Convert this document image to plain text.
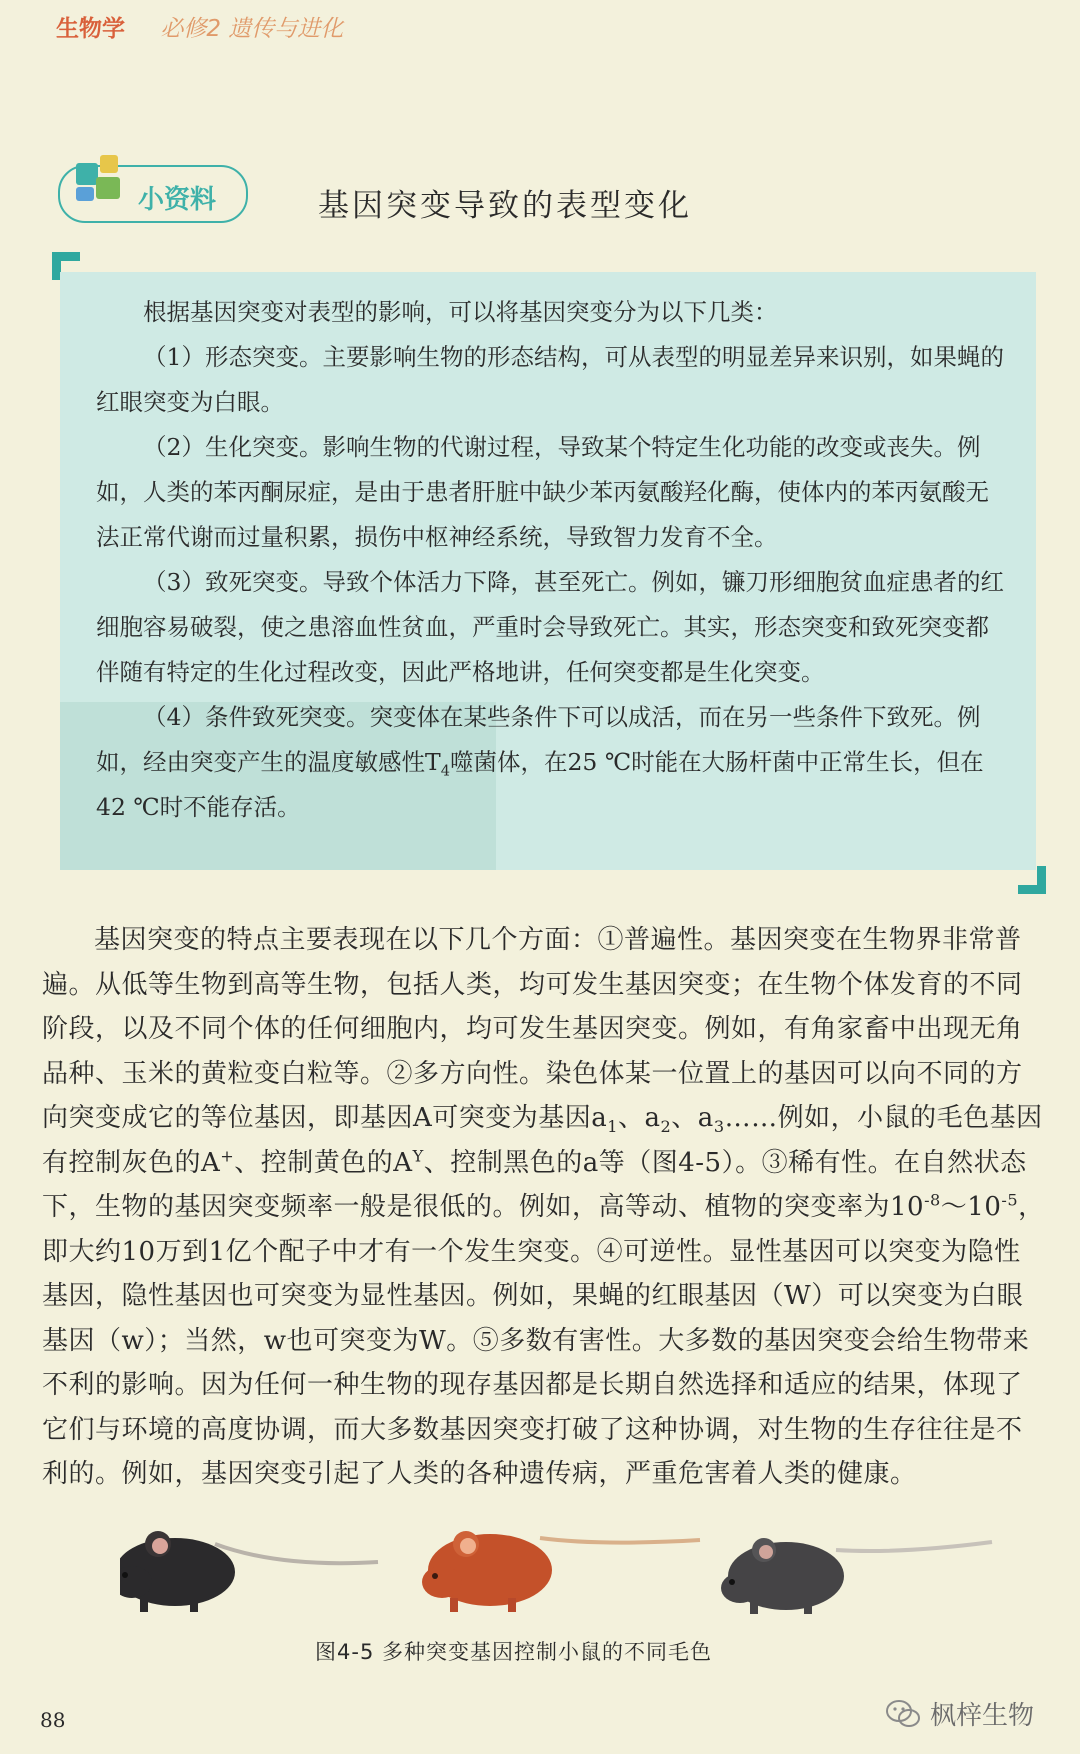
生物学 必修2 遗传与进化
小资料	基因突变导致的表型变化

根据基因突变对表型的影响，可以将基因突变分为以下几类：

（1）形态突变。主要影响生物的形态结构，可从表型的明显差异来识别，如果蝇的红眼突变为白眼。

（2）生化突变。影响生物的代谢过程，导致某个特定生化功能的改变或丧失。例如，人类的苯丙酮尿症，是由于患者肝脏中缺少苯丙氨酸羟化酶，使体内的苯丙氨酸无法正常代谢而过量积累，损伤中枢神经系统，导致智力发育不全。

（3）致死突变。导致个体活力下降，甚至死亡。例如，镰刀形细胞贫血症患者的红细胞容易破裂，使之患溶血性贫血，严重时会导致死亡。其实，形态突变和致死突变都伴随有特定的生化过程改变，因此严格地讲，任何突变都是生化突变。

（4）条件致死突变。突变体在某些条件下可以成活，而在另一些条件下致死。例如，经由突变产生的温度敏感性$T_4$噬菌体，在25 ℃时能在大肠杆菌中正常生长，但在42 ℃时不能存活。

基因突变的特点主要表现在以下几个方面：①普遍性。基因突变在生物界非常普遍。从低等生物到高等生物，包括人类，均可发生基因突变；在生物个体发育的不同阶段，以及不同个体的任何细胞内，均可发生基因突变。例如，有角家畜中出现无角品种、玉米的黄粒变白粒等。②多方向性。染色体某一位置上的基因可以向不同的方向突变成它的等位基因，即基因A可突变为基因$a_1$、$a_2$、$a_3\dots\dots$例如，小鼠的毛色基因有控制灰色的A+、控制黄色的$A^Y$、控制黑色的a等（图4-5）。③稀有性。在自然状态下，生物的基因突变频率一般是很低的。例如，高等动、植物的突变率为$10^{-8}\sim 10^{-5}$，即大约10万到1亿个配子中才有一个发生突变。④可逆性。显性基因可以突变为隐性基因，隐性基因也可突变为显性基因。例如，果蝇的红眼基因（W）可以突变为白眼基因（w）；当然，w也可突变为W。⑤多数有害性。大多数的基因突变会给生物带来不利的影响。因为任何一种生物的现存基因都是长期自然选择和适应的结果，体现了它们与环境的高度协调，而大多数基因突变打破了这种协调，对生物的生存往往是不利的。例如，基因突变引起了人类的各种遗传病，严重危害着人类的健康。
图4-5 多种突变基因控制小鼠的不同毛色
88	枫梓生物
